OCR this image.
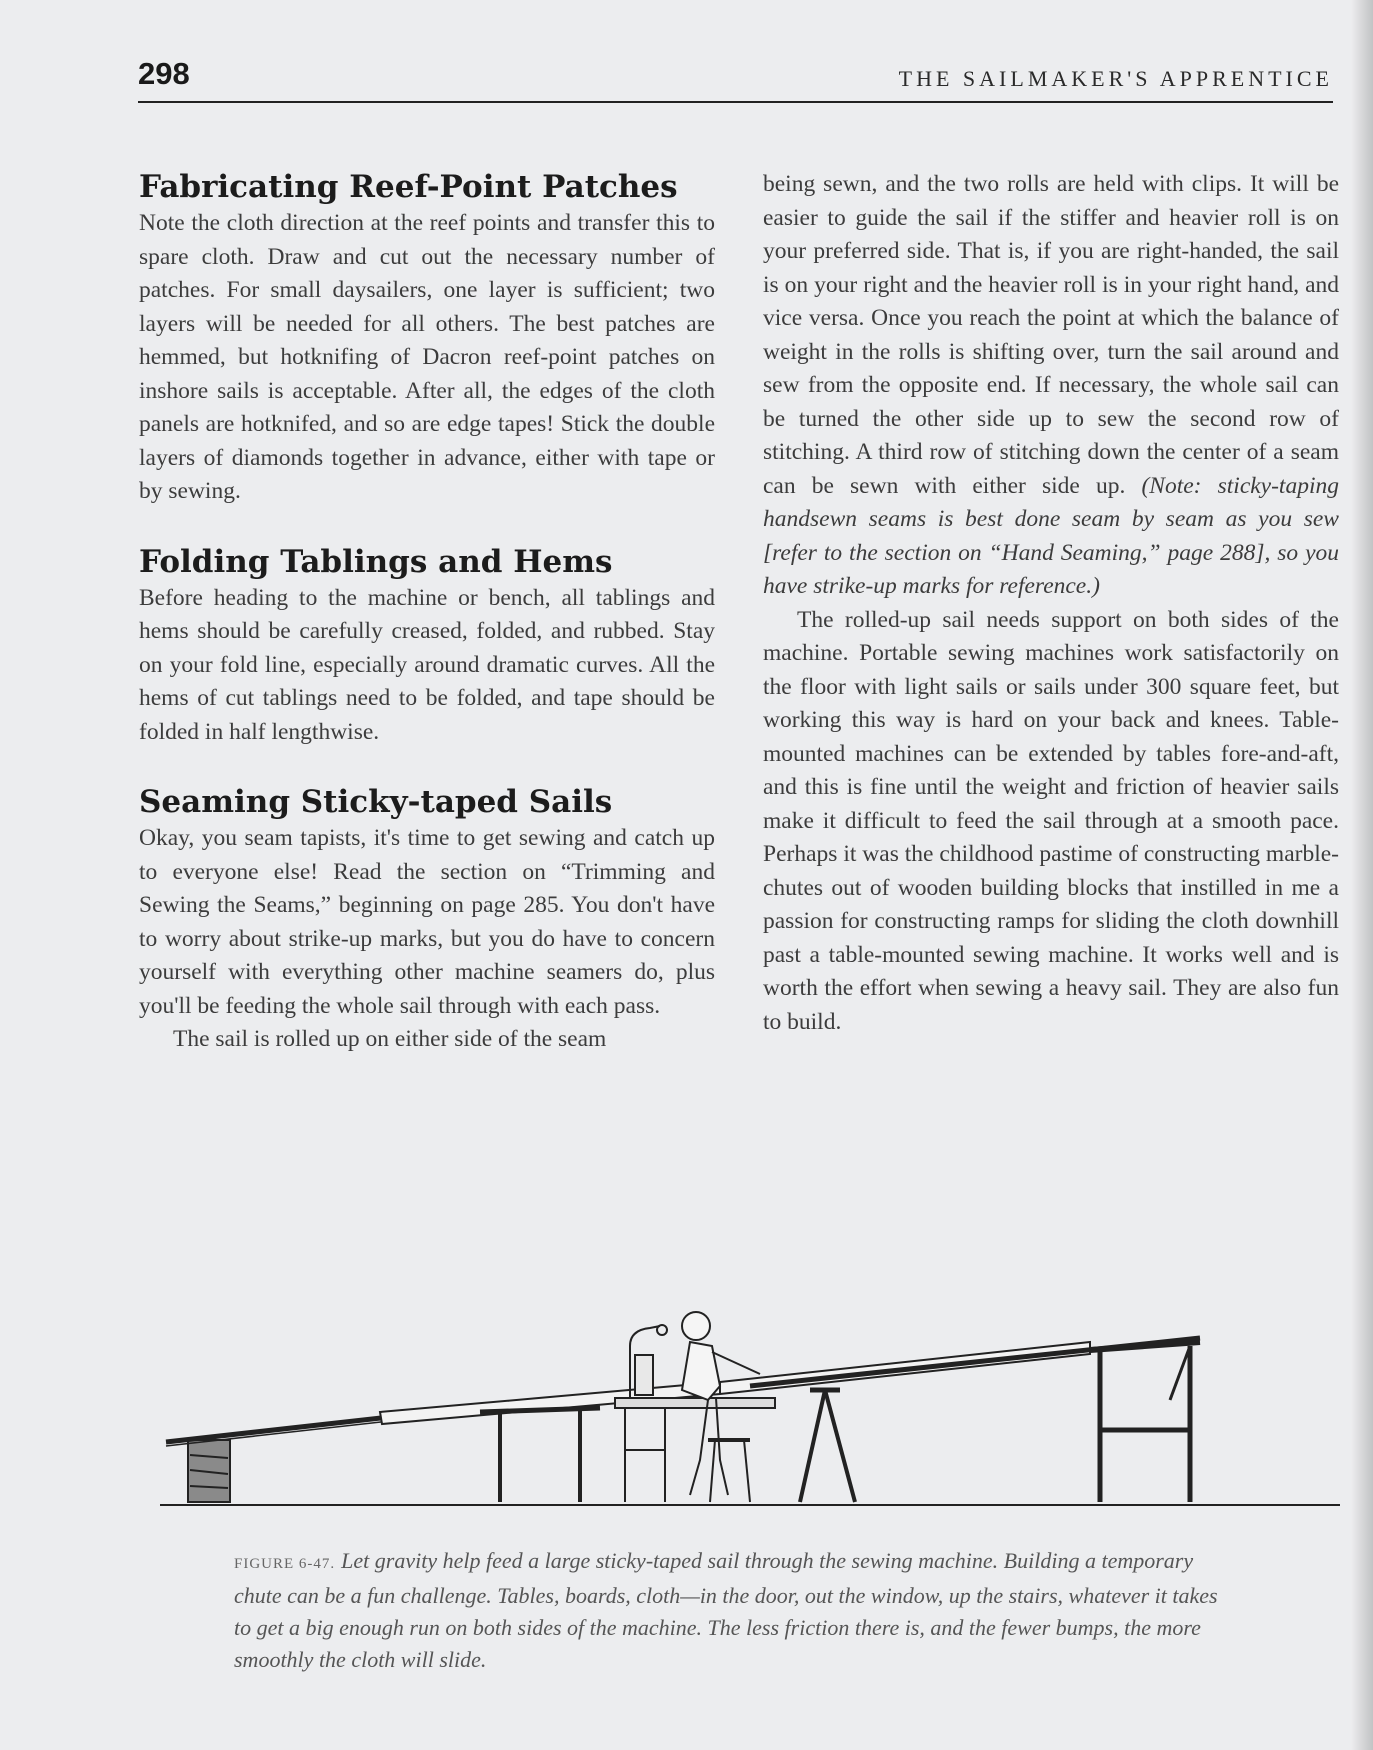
298	THE SAILMAKER'S APPRENTICE
Fabricating Reef-Point Patches

Note the cloth direction at the reef points and transfer this to spare cloth. Draw and cut out the necessary number of patches. For small daysailers, one layer is sufficient; two layers will be needed for all others. The best patches are hemmed, but hotknifing of Dacron reef-point patches on inshore sails is acceptable. After all, the edges of the cloth panels are hotknifed, and so are edge tapes! Stick the double layers of diamonds together in advance, either with tape or by sewing.

Folding Tablings and Hems

Before heading to the machine or bench, all tablings and hems should be carefully creased, folded, and rubbed. Stay on your fold line, especially around dramatic curves. All the hems of cut tablings need to be folded, and tape should be folded in half lengthwise.

Seaming Sticky-taped Sails

Okay, you seam tapists, it's time to get sewing and catch up to everyone else! Read the section on “Trimming and Sewing the Seams,” beginning on page 285. You don't have to worry about strike-up marks, but you do have to concern yourself with everything other machine seamers do, plus you'll be feeding the whole sail through with each pass.

The sail is rolled up on either side of the seam

being sewn, and the two rolls are held with clips. It will be easier to guide the sail if the stiffer and heavier roll is on your preferred side. That is, if you are right-handed, the sail is on your right and the heavier roll is in your right hand, and vice versa. Once you reach the point at which the balance of weight in the rolls is shifting over, turn the sail around and sew from the opposite end. If necessary, the whole sail can be turned the other side up to sew the second row of stitching. A third row of stitching down the center of a seam can be sewn with either side up. (Note: sticky-taping handsewn seams is best done seam by seam as you sew [refer to the section on “Hand Seaming,” page 288], so you have strike-up marks for reference.)

The rolled-up sail needs support on both sides of the machine. Portable sewing machines work satisfactorily on the floor with light sails or sails under 300 square feet, but working this way is hard on your back and knees. Table-mounted machines can be extended by tables fore-and-aft, and this is fine until the weight and friction of heavier sails make it difficult to feed the sail through at a smooth pace. Perhaps it was the childhood pastime of constructing marble-chutes out of wooden building blocks that instilled in me a passion for constructing ramps for sliding the cloth downhill past a table-mounted sewing machine. It works well and is worth the effort when sewing a heavy sail. They are also fun to build.

FIGURE 6-47. Let gravity help feed a large sticky-taped sail through the sewing machine. Building a temporary chute can be a fun challenge. Tables, boards, cloth—in the door, out the window, up the stairs, whatever it takes to get a big enough run on both sides of the machine. The less friction there is, and the fewer bumps, the more smoothly the cloth will slide.
